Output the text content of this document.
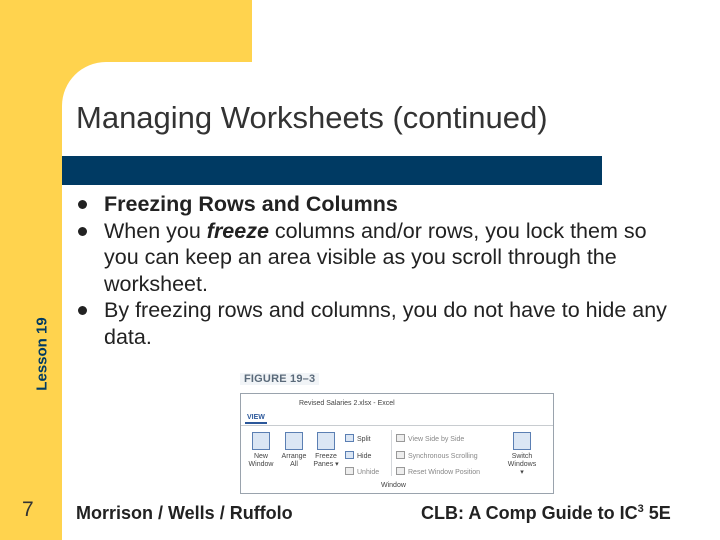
Managing Worksheets (continued)
Lesson 19
7
Freezing Rows and Columns
When you freeze columns and/or rows, you lock them so you can keep an area visible as you scroll through the worksheet.
By freezing rows and columns, you do not have to hide any data.
FIGURE 19–3
Revised Salaries 2.xlsx - Excel
VIEW
New
Window
Arrange
All
Freeze
Panes ▾
Split
Hide
Unhide
View Side by Side
Synchronous Scrolling
Reset Window Position
Switch
Windows ▾
Window
Morrison / Wells / Ruffolo	CLB: A Comp Guide to $IC^3$ 5E
